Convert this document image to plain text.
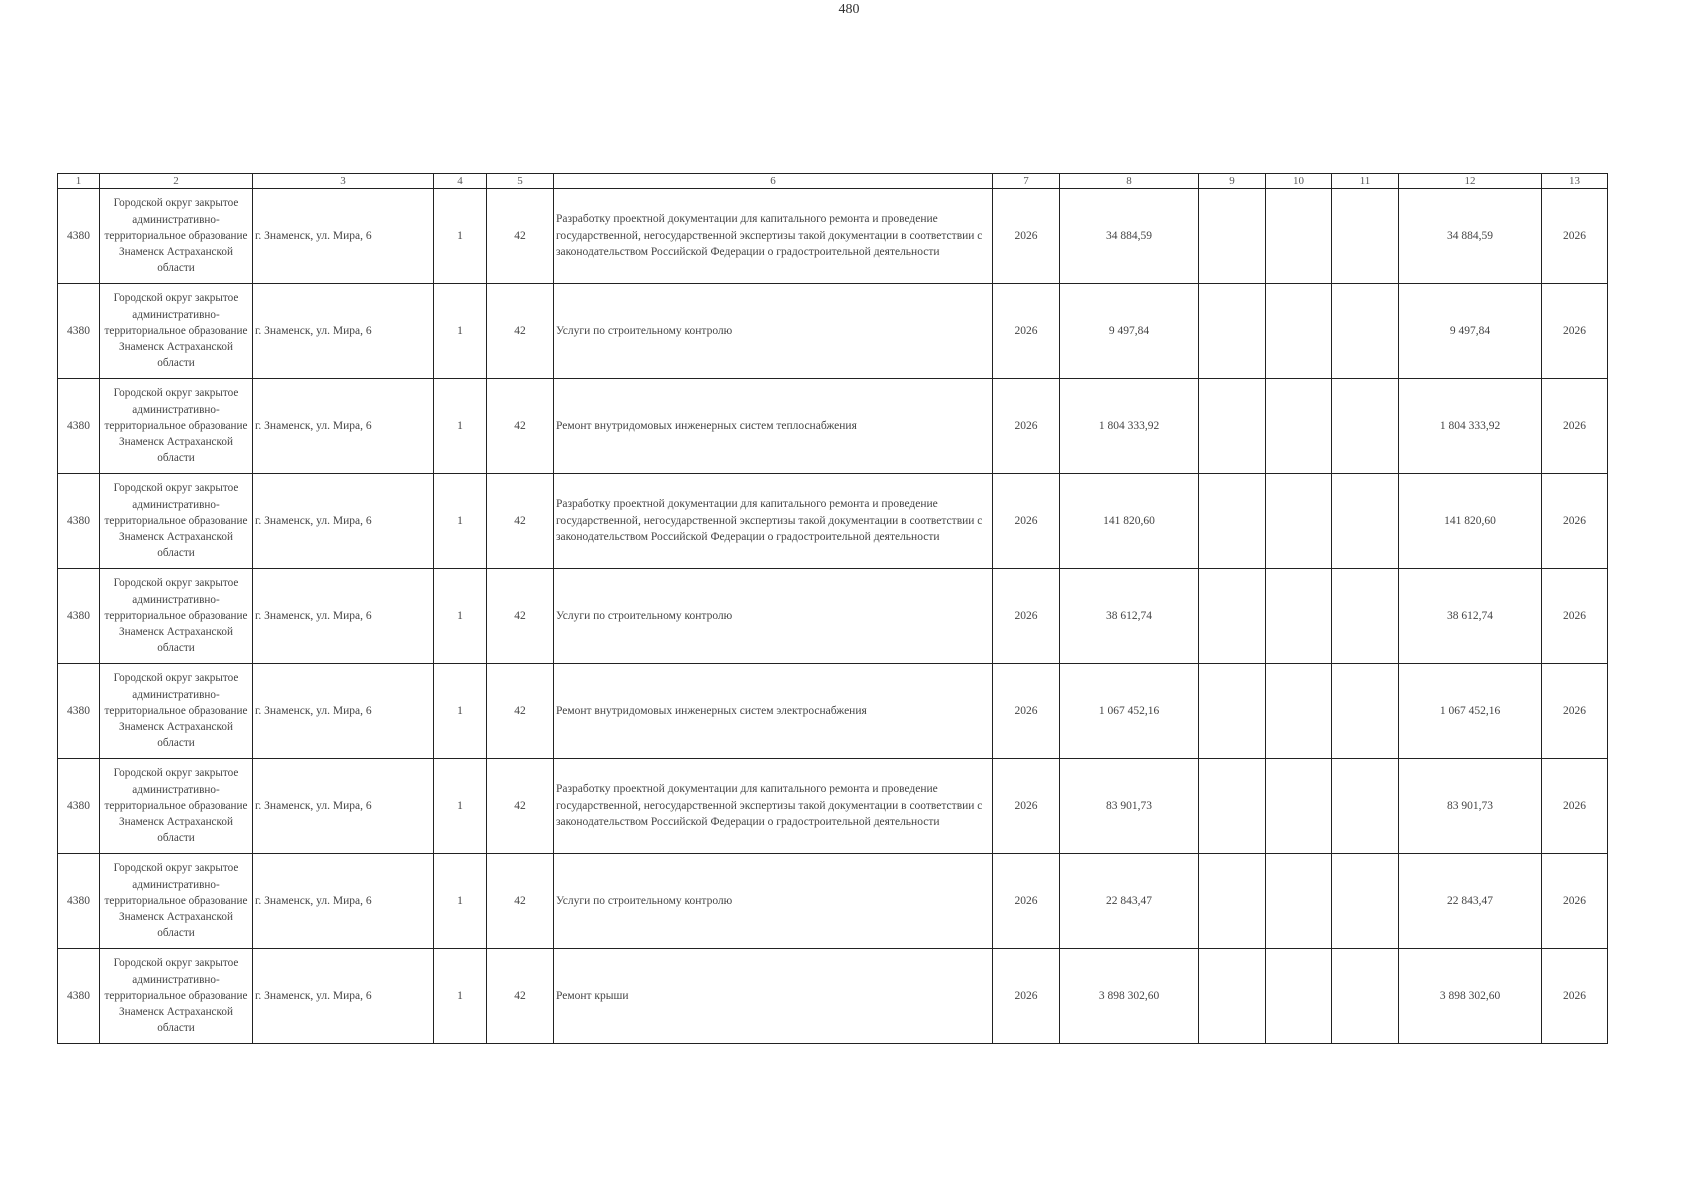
480
1	2	3	4	5	6	7	8	9	10	11	12	13
4380	Городской округ закрытое административно-территориальное образование Знаменск Астраханской области	г. Знаменск, ул. Мира, 6	1	42	Разработку проектной документации для капитального ремонта и проведение государственной, негосударственной экспертизы такой документации в соответствии с законодательством Российской Федерации о градостроительной деятельности	2026	34 884,59				34 884,59	2026
4380	Городской округ закрытое административно-территориальное образование Знаменск Астраханской области	г. Знаменск, ул. Мира, 6	1	42	Услуги по строительному контролю	2026	9 497,84				9 497,84	2026
4380	Городской округ закрытое административно-территориальное образование Знаменск Астраханской области	г. Знаменск, ул. Мира, 6	1	42	Ремонт внутридомовых инженерных систем теплоснабжения	2026	1 804 333,92				1 804 333,92	2026
4380	Городской округ закрытое административно-территориальное образование Знаменск Астраханской области	г. Знаменск, ул. Мира, 6	1	42	Разработку проектной документации для капитального ремонта и проведение государственной, негосударственной экспертизы такой документации в соответствии с законодательством Российской Федерации о градостроительной деятельности	2026	141 820,60				141 820,60	2026
4380	Городской округ закрытое административно-территориальное образование Знаменск Астраханской области	г. Знаменск, ул. Мира, 6	1	42	Услуги по строительному контролю	2026	38 612,74				38 612,74	2026
4380	Городской округ закрытое административно-территориальное образование Знаменск Астраханской области	г. Знаменск, ул. Мира, 6	1	42	Ремонт внутридомовых инженерных систем электроснабжения	2026	1 067 452,16				1 067 452,16	2026
4380	Городской округ закрытое административно-территориальное образование Знаменск Астраханской области	г. Знаменск, ул. Мира, 6	1	42	Разработку проектной документации для капитального ремонта и проведение государственной, негосударственной экспертизы такой документации в соответствии с законодательством Российской Федерации о градостроительной деятельности	2026	83 901,73				83 901,73	2026
4380	Городской округ закрытое административно-территориальное образование Знаменск Астраханской области	г. Знаменск, ул. Мира, 6	1	42	Услуги по строительному контролю	2026	22 843,47				22 843,47	2026
4380	Городской округ закрытое административно-территориальное образование Знаменск Астраханской области	г. Знаменск, ул. Мира, 6	1	42	Ремонт крыши	2026	3 898 302,60				3 898 302,60	2026
